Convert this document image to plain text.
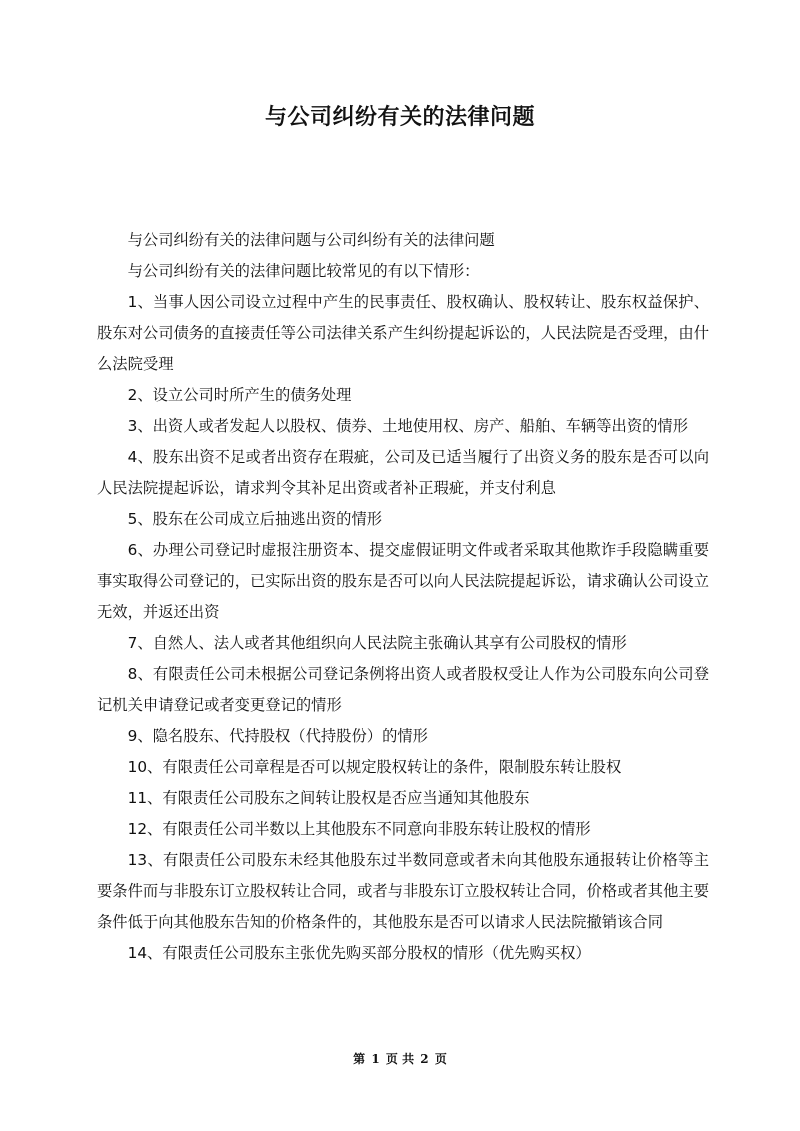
与公司纠纷有关的法律问题

与公司纠纷有关的法律问题与公司纠纷有关的法律问题

与公司纠纷有关的法律问题比较常见的有以下情形：

1、当事人因公司设立过程中产生的民事责任、股权确认、股权转让、股东权益保护、股东对公司债务的直接责任等公司法律关系产生纠纷提起诉讼的，人民法院是否受理，由什么法院受理

2、设立公司时所产生的债务处理

3、出资人或者发起人以股权、债券、土地使用权、房产、船舶、车辆等出资的情形

4、股东出资不足或者出资存在瑕疵，公司及已适当履行了出资义务的股东是否可以向人民法院提起诉讼，请求判令其补足出资或者补正瑕疵，并支付利息

5、股东在公司成立后抽逃出资的情形

6、办理公司登记时虚报注册资本、提交虚假证明文件或者采取其他欺诈手段隐瞒重要事实取得公司登记的，已实际出资的股东是否可以向人民法院提起诉讼，请求确认公司设立无效，并返还出资

7、自然人、法人或者其他组织向人民法院主张确认其享有公司股权的情形

8、有限责任公司未根据公司登记条例将出资人或者股权受让人作为公司股东向公司登记机关申请登记或者变更登记的情形

9、隐名股东、代持股权（代持股份）的情形

10、有限责任公司章程是否可以规定股权转让的条件，限制股东转让股权

11、有限责任公司股东之间转让股权是否应当通知其他股东

12、有限责任公司半数以上其他股东不同意向非股东转让股权的情形

13、有限责任公司股东未经其他股东过半数同意或者未向其他股东通报转让价格等主要条件而与非股东订立股权转让合同，或者与非股东订立股权转让合同，价格或者其他主要条件低于向其他股东告知的价格条件的，其他股东是否可以请求人民法院撤销该合同

14、有限责任公司股东主张优先购买部分股权的情形（优先购买权）

第 1 页 共 2 页
